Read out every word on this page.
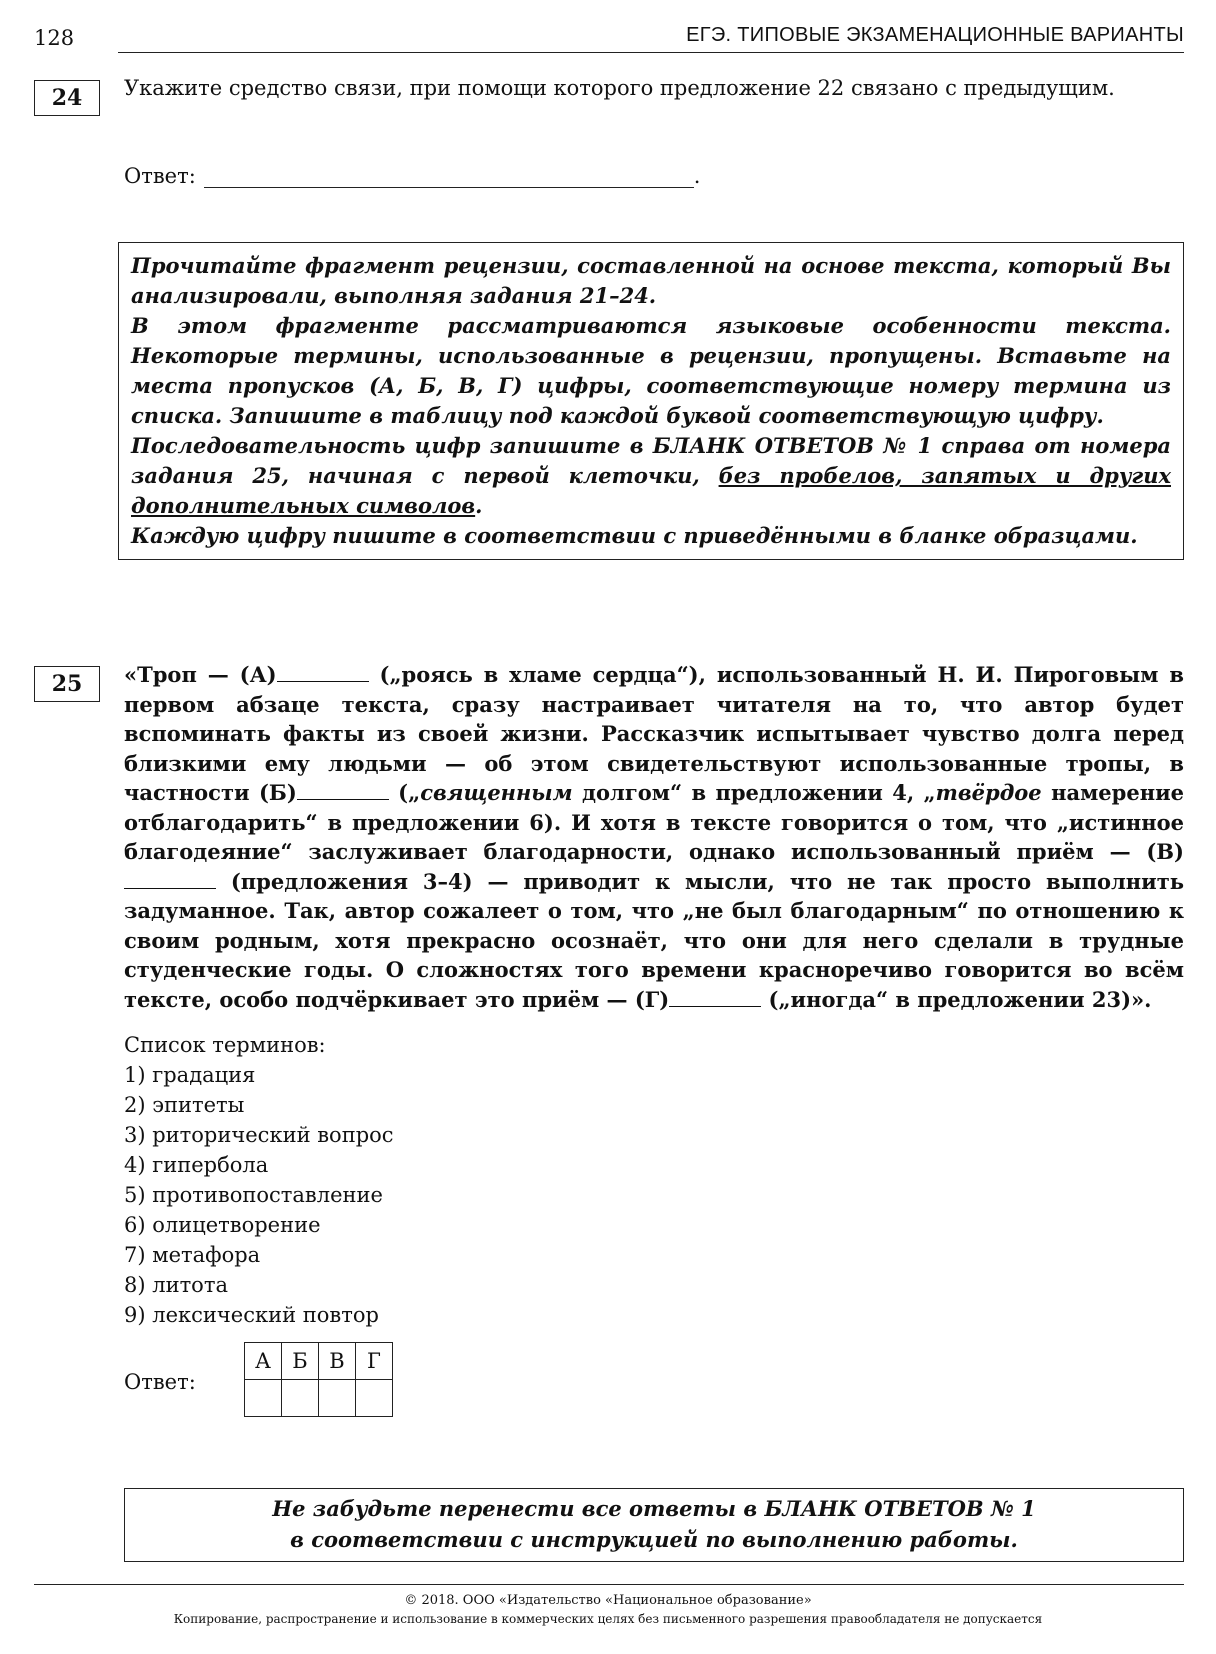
128	ЕГЭ. ТИПОВЫЕ ЭКЗАМЕНАЦИОННЫЕ ВАРИАНТЫ
24	Укажите средство связи, при помощи которого предложение 22 связано с предыдущим.
Ответ:	.

Прочитайте фрагмент рецензии, составленной на основе текста, который Вы анализировали, выполняя задания 21–24.

В этом фрагменте рассматриваются языковые особенности текста. Некоторые термины, использованные в рецензии, пропущены. Вставьте на места пропусков (А, Б, В, Г) цифры, соответствующие номеру термина из списка. Запишите в таблицу под каждой буквой соответствующую цифру.

Последовательность цифр запишите в БЛАНК ОТВЕТОВ № 1 справа от номера задания 25, начиная с первой клеточки, без пробелов, запятых и других дополнительных символов.

Каждую цифру пишите в соответствии с приведёнными в бланке образцами.

25	«Троп — (А)	(„роясь в хламе сердца“), использованный Н. И. Пироговым в первом абзаце текста, сразу настраивает читателя на то, что автор будет вспоминать факты из своей жизни. Рассказчик испытывает чувство долга перед близкими ему людьми — об этом свидетельствуют использованные тропы, в частности (Б)	(„священным долгом“ в предложении 4, „твёрдое намерение отблагодарить“ в предложении 6). И хотя в тексте говорится о том, что „истинное благодеяние“ заслуживает благодарности, однако использованный приём — (В) (предложения 3–4) — приводит к мысли, что не так просто выполнить задуманное. Так, автор сожалеет о том, что „не был благодарным“ по отношению к своим родным, хотя прекрасно осознаёт, что они для него сделали в трудные студенческие годы. О сложностях того времени красноречиво говорится во всём тексте, особо подчёркивает это приём — (Г)	(„иногда“ в предложении 23)».
Список терминов:
1) градация
2) эпитеты
3) риторический вопрос
4) гипербола
5) противопоставление
6) олицетворение
7) метафора
8) литота
9) лексический повтор
Ответ:
А	Б	В	Г

Не забудьте перенести все ответы в БЛАНК ОТВЕТОВ № 1
в соответствии с инструкцией по выполнению работы.
© 2018. ООО «Издательство «Национальное образование»
Копирование, распространение и использование в коммерческих целях без письменного разрешения правообладателя не допускается
